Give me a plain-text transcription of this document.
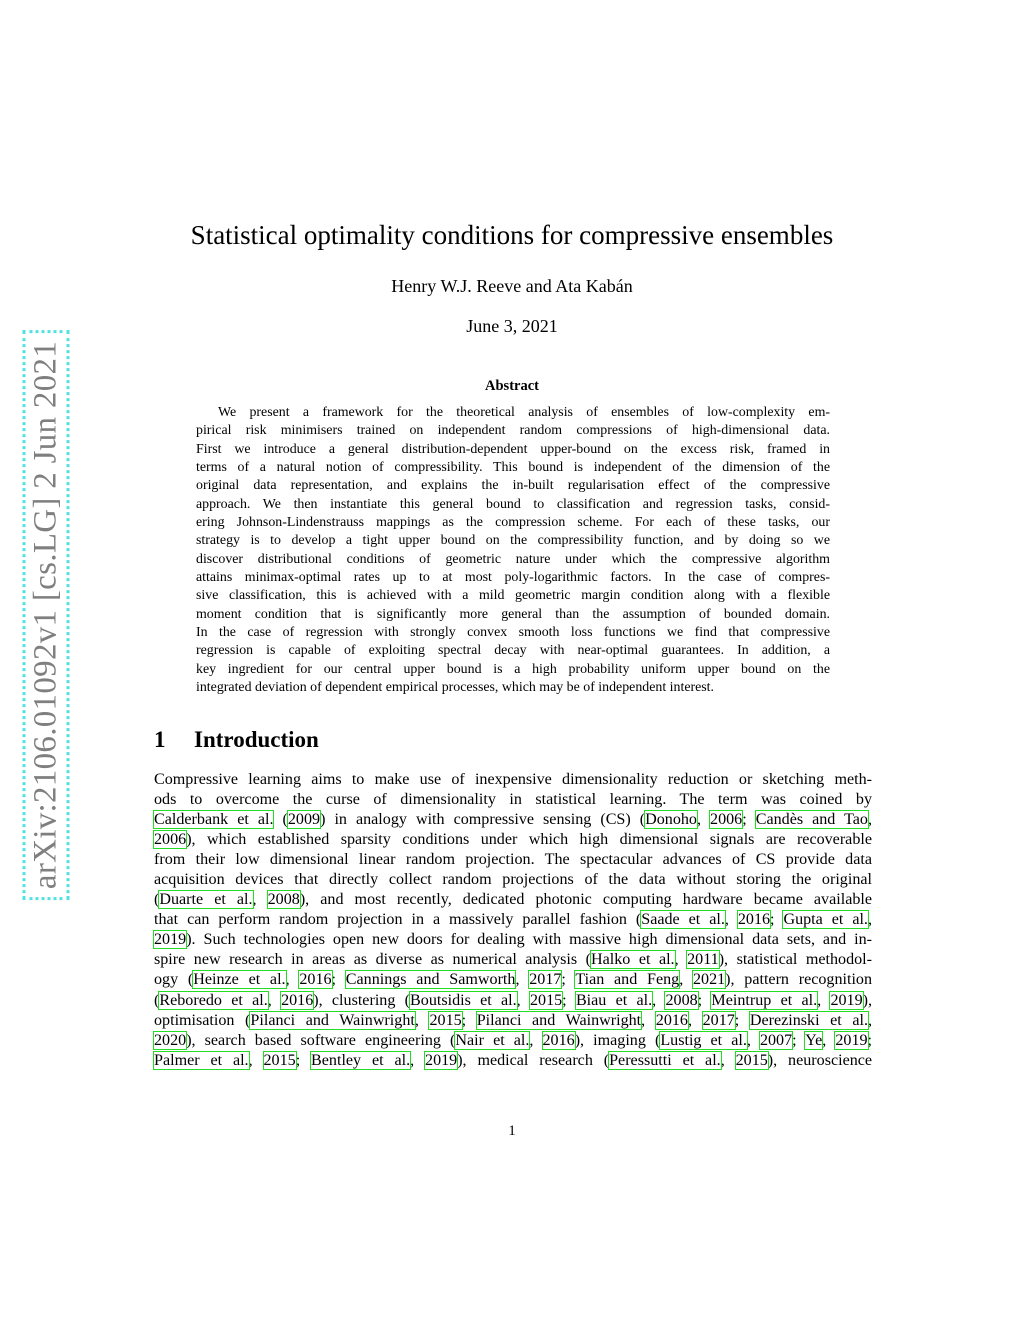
arXiv:2106.01092v1 [cs.LG] 2 Jun 2021
Statistical optimality conditions for compressive ensembles
Henry W.J. Reeve and Ata Kabán
June 3, 2021
Abstract
We present a framework for the theoretical analysis of ensembles of low-complexity em-
pirical risk minimisers trained on independent random compressions of high-dimensional data.
First we introduce a general distribution-dependent upper-bound on the excess risk, framed in
terms of a natural notion of compressibility. This bound is independent of the dimension of the
original data representation, and explains the in-built regularisation effect of the compressive
approach. We then instantiate this general bound to classification and regression tasks, consid-
ering Johnson-Lindenstrauss mappings as the compression scheme. For each of these tasks, our
strategy is to develop a tight upper bound on the compressibility function, and by doing so we
discover distributional conditions of geometric nature under which the compressive algorithm
attains minimax-optimal rates up to at most poly-logarithmic factors. In the case of compres-
sive classification, this is achieved with a mild geometric margin condition along with a flexible
moment condition that is significantly more general than the assumption of bounded domain.
In the case of regression with strongly convex smooth loss functions we find that compressive
regression is capable of exploiting spectral decay with near-optimal guarantees. In addition, a
key ingredient for our central upper bound is a high probability uniform upper bound on the
integrated deviation of dependent empirical processes, which may be of independent interest.
1 Introduction
Compressive learning aims to make use of inexpensive dimensionality reduction or sketching meth-
ods to overcome the curse of dimensionality in statistical learning. The term was coined by
Calderbank et al. (2009) in analogy with compressive sensing (CS) (Donoho, 2006; Candès and Tao,
2006), which established sparsity conditions under which high dimensional signals are recoverable
from their low dimensional linear random projection. The spectacular advances of CS provide data
acquisition devices that directly collect random projections of the data without storing the original
(Duarte et al., 2008), and most recently, dedicated photonic computing hardware became available
that can perform random projection in a massively parallel fashion (Saade et al., 2016; Gupta et al.,
2019). Such technologies open new doors for dealing with massive high dimensional data sets, and in-
spire new research in areas as diverse as numerical analysis (Halko et al., 2011), statistical methodol-
ogy (Heinze et al., 2016; Cannings and Samworth, 2017; Tian and Feng, 2021), pattern recognition
(Reboredo et al., 2016), clustering (Boutsidis et al., 2015; Biau et al., 2008; Meintrup et al., 2019),
optimisation (Pilanci and Wainwright, 2015; Pilanci and Wainwright, 2016, 2017; Derezinski et al.,
2020), search based software engineering (Nair et al., 2016), imaging (Lustig et al., 2007; Ye, 2019;
Palmer et al., 2015; Bentley et al., 2019), medical research (Peressutti et al., 2015), neuroscience
1
